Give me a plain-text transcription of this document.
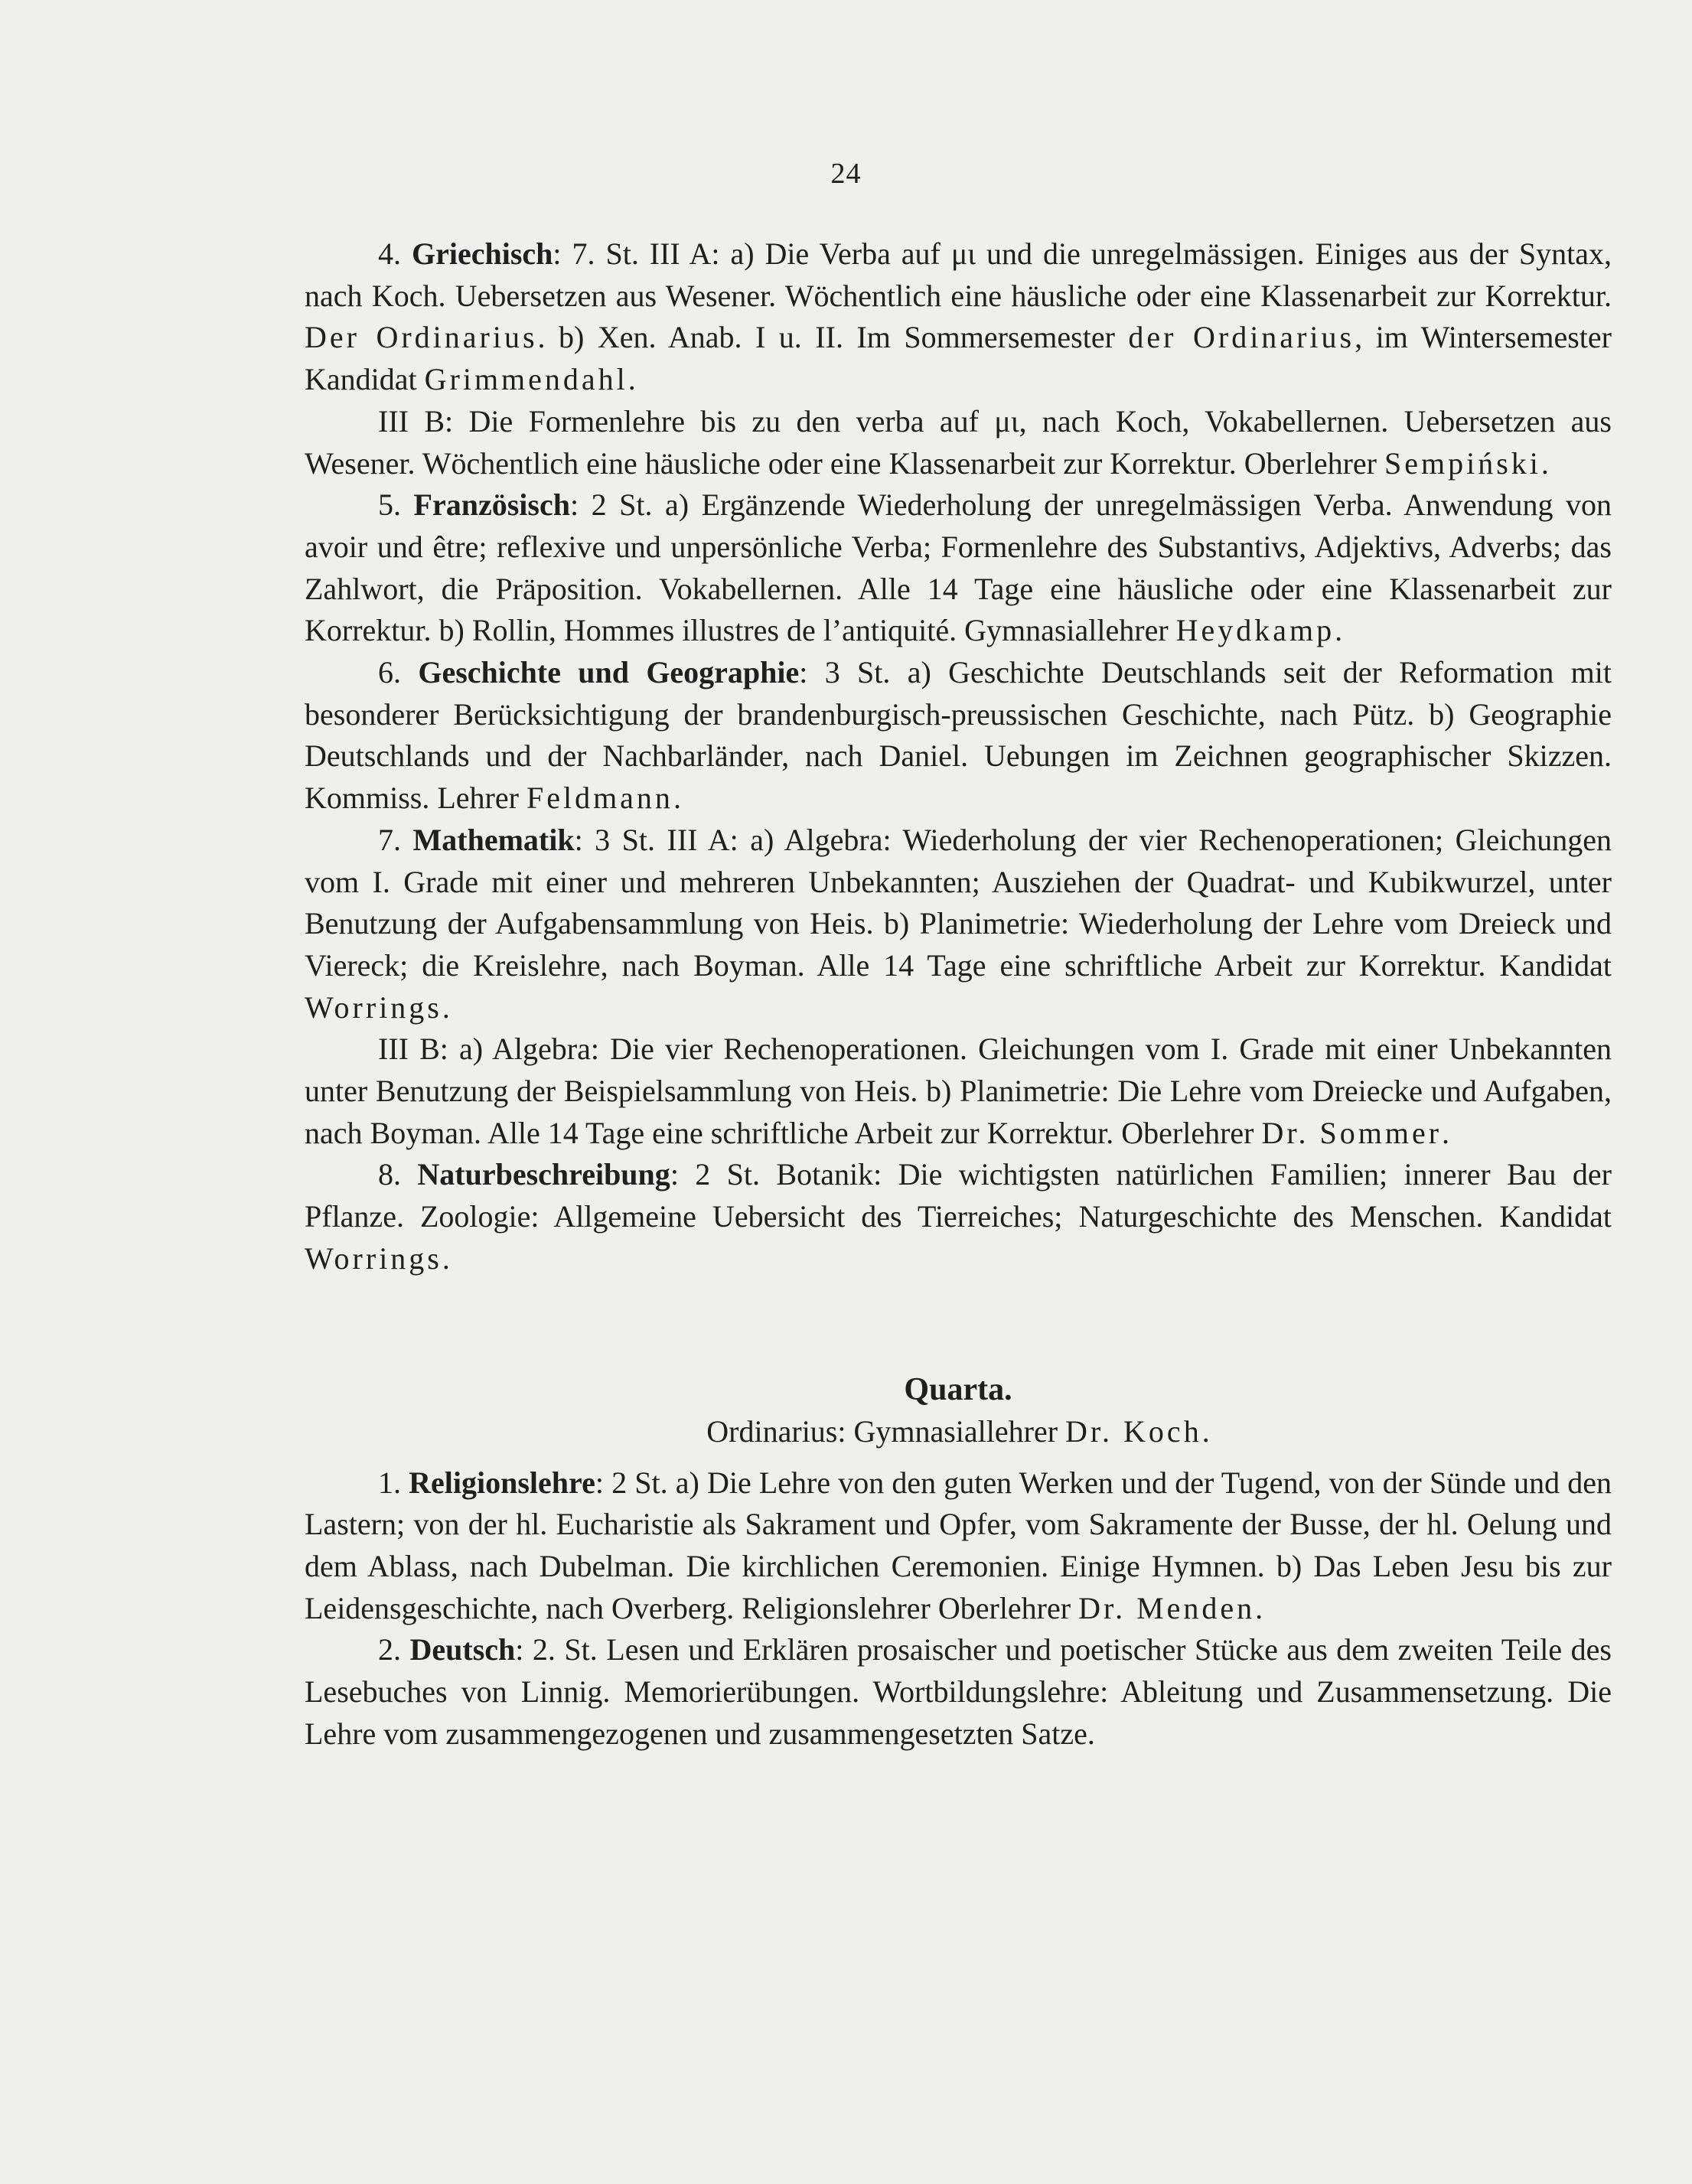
24

4. Griechisch: 7. St. III A: a) Die Verba auf μι und die unregelmässigen. Einiges aus der Syntax, nach Koch. Uebersetzen aus Wesener. Wöchentlich eine häusliche oder eine Klassenarbeit zur Korrektur. Der Ordinarius. b) Xen. Anab. I u. II. Im Sommersemester der Ordinarius, im Wintersemester Kandidat Grimmendahl.

III B: Die Formenlehre bis zu den verba auf μι, nach Koch, Vokabellernen. Uebersetzen aus Wesener. Wöchentlich eine häusliche oder eine Klassenarbeit zur Korrektur. Oberlehrer Sempiński.

5. Französisch: 2 St. a) Ergänzende Wiederholung der unregelmässigen Verba. Anwendung von avoir und être; reflexive und unpersönliche Verba; Formenlehre des Substantivs, Adjektivs, Adverbs; das Zahlwort, die Präposition. Vokabellernen. Alle 14 Tage eine häusliche oder eine Klassenarbeit zur Korrektur. b) Rollin, Hommes illustres de l’antiquité. Gymnasiallehrer Heydkamp.

6. Geschichte und Geographie: 3 St. a) Geschichte Deutschlands seit der Reformation mit besonderer Berücksichtigung der brandenburgisch-preussischen Geschichte, nach Pütz. b) Geographie Deutschlands und der Nachbarländer, nach Daniel. Uebungen im Zeichnen geographischer Skizzen. Kommiss. Lehrer Feldmann.

7. Mathematik: 3 St. III A: a) Algebra: Wiederholung der vier Rechenoperationen; Gleichungen vom I. Grade mit einer und mehreren Unbekannten; Ausziehen der Quadrat- und Kubikwurzel, unter Benutzung der Aufgabensammlung von Heis. b) Planimetrie: Wiederholung der Lehre vom Dreieck und Viereck; die Kreislehre, nach Boyman. Alle 14 Tage eine schriftliche Arbeit zur Korrektur. Kandidat Worrings.

III B: a) Algebra: Die vier Rechenoperationen. Gleichungen vom I. Grade mit einer Unbekannten unter Benutzung der Beispielsammlung von Heis. b) Planimetrie: Die Lehre vom Dreiecke und Aufgaben, nach Boyman. Alle 14 Tage eine schriftliche Arbeit zur Korrektur. Oberlehrer Dr. Sommer.

8. Naturbeschreibung: 2 St. Botanik: Die wichtigsten natürlichen Familien; innerer Bau der Pflanze. Zoologie: Allgemeine Uebersicht des Tierreiches; Naturgeschichte des Menschen. Kandidat Worrings.

Quarta.

Ordinarius: Gymnasiallehrer Dr. Koch.

1. Religionslehre: 2 St. a) Die Lehre von den guten Werken und der Tugend, von der Sünde und den Lastern; von der hl. Eucharistie als Sakrament und Opfer, vom Sakramente der Busse, der hl. Oelung und dem Ablass, nach Dubelman. Die kirchlichen Ceremonien. Einige Hymnen. b) Das Leben Jesu bis zur Leidensgeschichte, nach Overberg. Religionslehrer Oberlehrer Dr. Menden.

2. Deutsch: 2. St. Lesen und Erklären prosaischer und poetischer Stücke aus dem zweiten Teile des Lesebuches von Linnig. Memorierübungen. Wortbildungslehre: Ableitung und Zusammensetzung. Die Lehre vom zusammengezogenen und zusammengesetzten Satze.
